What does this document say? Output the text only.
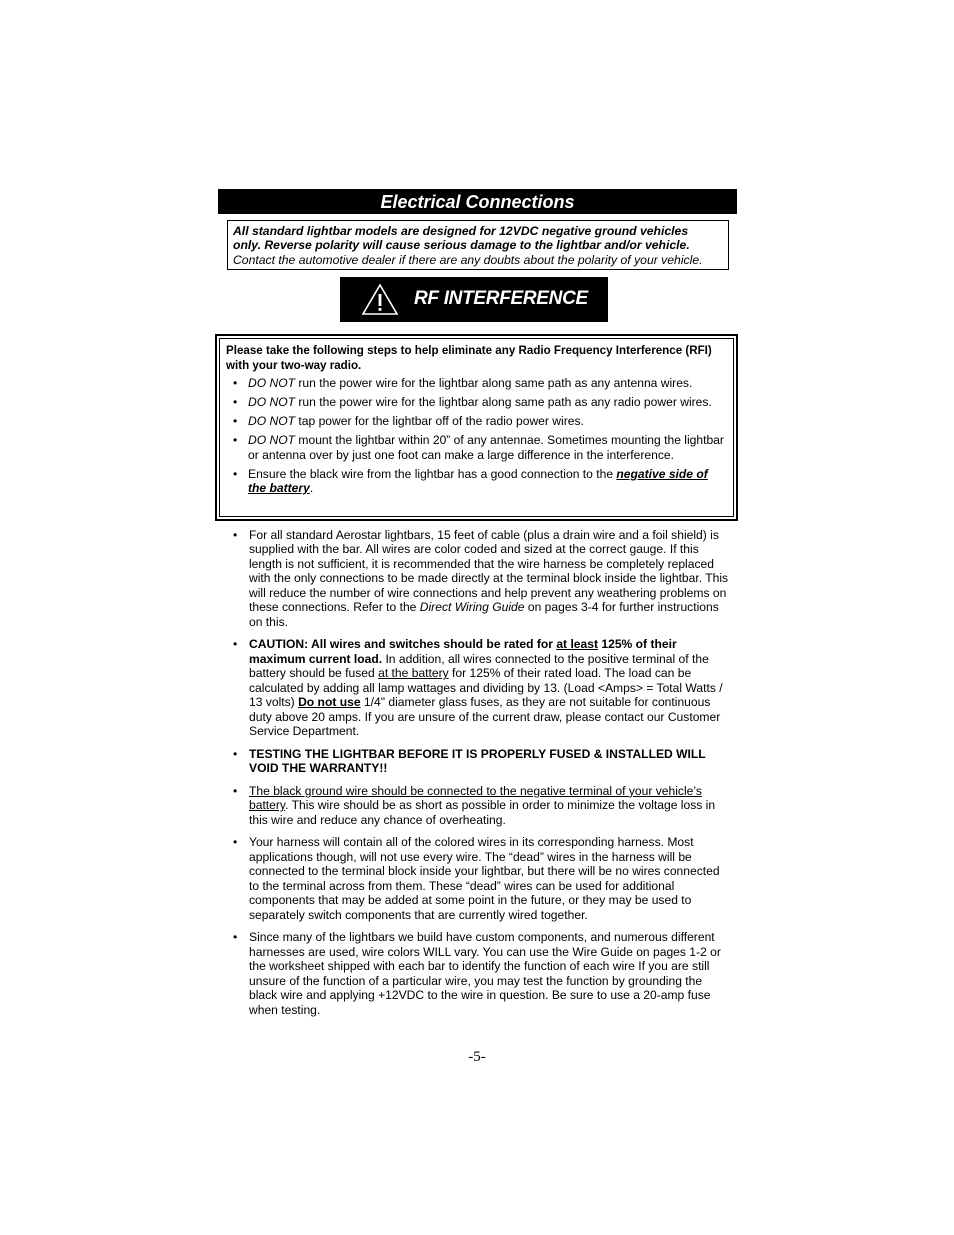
Electrical Connections
All standard lightbar models are designed for 12VDC negative ground vehicles
only. Reverse polarity will cause serious damage to the lightbar and/or vehicle.
Contact the automotive dealer if there are any doubts about the polarity of your vehicle.
RF INTERFERENCE

Please take the following steps to help eliminate any Radio Frequency Interference (RFI) with your two-way radio.

• DO NOT run the power wire for the lightbar along same path as any antenna wires.
• DO NOT run the power wire for the lightbar along same path as any radio power wires.
• DO NOT tap power for the lightbar off of the radio power wires.
• DO NOT mount the lightbar within 20” of any antennae. Sometimes mounting the lightbar or antenna over by just one foot can make a large difference in the interference.
• Ensure the black wire from the lightbar has a good connection to the negative side of the battery.
• For all standard Aerostar lightbars, 15 feet of cable (plus a drain wire and a foil shield) is supplied with the bar. All wires are color coded and sized at the correct gauge. If this length is not sufficient, it is recommended that the wire harness be completely replaced with the only connections to be made directly at the terminal block inside the lightbar. This will reduce the number of wire connections and help prevent any weathering problems on these connections. Refer to the Direct Wiring Guide on pages 3-4 for further instructions on this.
• CAUTION: All wires and switches should be rated for at least 125% of their maximum current load. In addition, all wires connected to the positive terminal of the battery should be fused at the battery for 125% of their rated load. The load can be calculated by adding all lamp wattages and dividing by 13. (Load <Amps> = Total Watts / 13 volts) Do not use 1/4" diameter glass fuses, as they are not suitable for continuous duty above 20 amps. If you are unsure of the current draw, please contact our Customer Service Department.
• TESTING THE LIGHTBAR BEFORE IT IS PROPERLY FUSED & INSTALLED WILL VOID THE WARRANTY!!
• The black ground wire should be connected to the negative terminal of your vehicle’s battery. This wire should be as short as possible in order to minimize the voltage loss in this wire and reduce any chance of overheating.
• Your harness will contain all of the colored wires in its corresponding harness. Most applications though, will not use every wire. The “dead” wires in the harness will be connected to the terminal block inside your lightbar, but there will be no wires connected to the terminal across from them. These “dead” wires can be used for additional components that may be added at some point in the future, or they may be used to separately switch components that are currently wired together.
• Since many of the lightbars we build have custom components, and numerous different harnesses are used, wire colors WILL vary. You can use the Wire Guide on pages 1-2 or the worksheet shipped with each bar to identify the function of each wire If you are still unsure of the function of a particular wire, you may test the function by grounding the black wire and applying +12VDC to the wire in question. Be sure to use a 20-amp fuse when testing.
-5-
